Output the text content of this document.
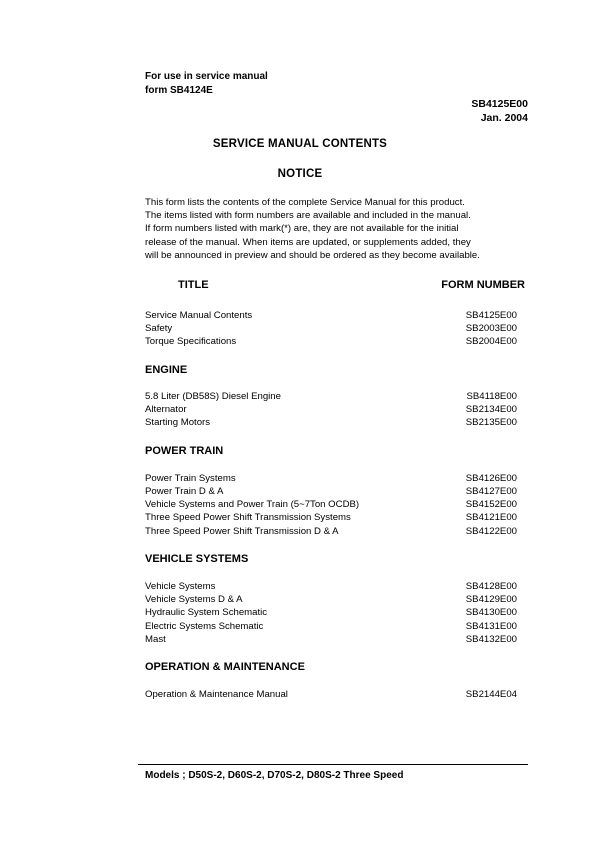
For use in service manual
form SB4124E
SB4125E00
Jan. 2004
SERVICE MANUAL CONTENTS
NOTICE
This form lists the contents of the complete Service Manual for this product.
The items listed with form numbers are available and included in the manual.
If form numbers listed with mark(*) are, they are not available for the initial
release of the manual. When items are updated, or supplements added, they
will be announced in preview and should be ordered as they become available.
TITLE	FORM NUMBER
Service Manual Contents	SB4125E00
Safety	SB2003E00
Torque Specifications	SB2004E00
ENGINE
5.8 Liter (DB58S) Diesel Engine	SB4118E00
Alternator	SB2134E00
Starting Motors	SB2135E00
POWER TRAIN
Power Train Systems	SB4126E00
Power Train D & A	SB4127E00
Vehicle Systems and Power Train (5~7Ton OCDB)	SB4152E00
Three Speed Power Shift Transmission Systems	SB4121E00
Three Speed Power Shift Transmission D & A	SB4122E00
VEHICLE SYSTEMS
Vehicle Systems	SB4128E00
Vehicle Systems D & A	SB4129E00
Hydraulic System Schematic	SB4130E00
Electric Systems Schematic	SB4131E00
Mast	SB4132E00
OPERATION & MAINTENANCE
Operation & Maintenance Manual	SB2144E04
Models ; D50S-2, D60S-2, D70S-2, D80S-2 Three Speed
